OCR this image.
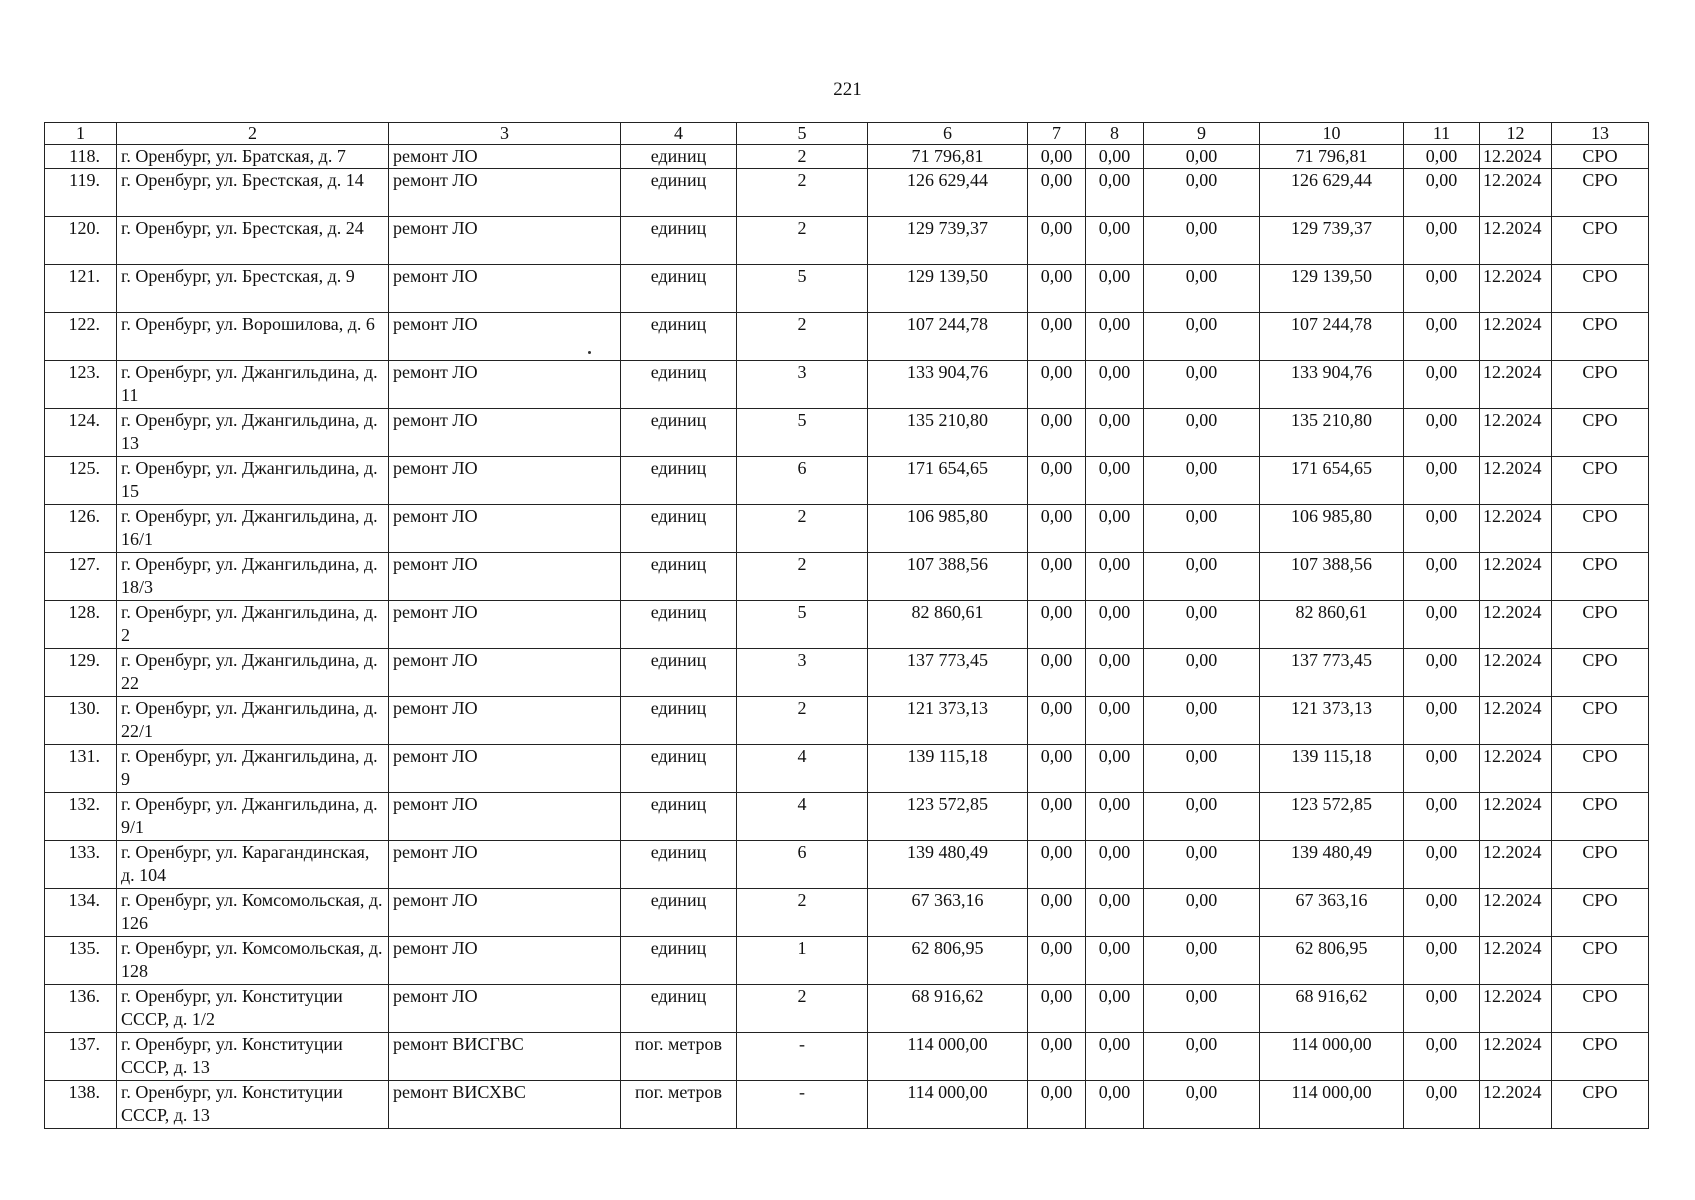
221
1	2	3	4	5	6	7	8	9	10	11	12	13
118.	г. Оренбург, ул. Братская, д. 7	ремонт ЛО	единиц	2	71 796,81	0,00	0,00	0,00	71 796,81	0,00	12.2024	СРО
119.	г. Оренбург, ул. Брестская, д. 14	ремонт ЛО	единиц	2	126 629,44	0,00	0,00	0,00	126 629,44	0,00	12.2024	СРО
120.	г. Оренбург, ул. Брестская, д. 24	ремонт ЛО	единиц	2	129 739,37	0,00	0,00	0,00	129 739,37	0,00	12.2024	СРО
121.	г. Оренбург, ул. Брестская, д. 9	ремонт ЛО	единиц	5	129 139,50	0,00	0,00	0,00	129 139,50	0,00	12.2024	СРО
122.	г. Оренбург, ул. Ворошилова, д. 6	ремонт ЛО	единиц	2	107 244,78	0,00	0,00	0,00	107 244,78	0,00	12.2024	СРО
123.	г. Оренбург, ул. Джангильдина, д. 11	ремонт ЛО	единиц	3	133 904,76	0,00	0,00	0,00	133 904,76	0,00	12.2024	СРО
124.	г. Оренбург, ул. Джангильдина, д. 13	ремонт ЛО	единиц	5	135 210,80	0,00	0,00	0,00	135 210,80	0,00	12.2024	СРО
125.	г. Оренбург, ул. Джангильдина, д. 15	ремонт ЛО	единиц	6	171 654,65	0,00	0,00	0,00	171 654,65	0,00	12.2024	СРО
126.	г. Оренбург, ул. Джангильдина, д. 16/1	ремонт ЛО	единиц	2	106 985,80	0,00	0,00	0,00	106 985,80	0,00	12.2024	СРО
127.	г. Оренбург, ул. Джангильдина, д. 18/3	ремонт ЛО	единиц	2	107 388,56	0,00	0,00	0,00	107 388,56	0,00	12.2024	СРО
128.	г. Оренбург, ул. Джангильдина, д. 2	ремонт ЛО	единиц	5	82 860,61	0,00	0,00	0,00	82 860,61	0,00	12.2024	СРО
129.	г. Оренбург, ул. Джангильдина, д. 22	ремонт ЛО	единиц	3	137 773,45	0,00	0,00	0,00	137 773,45	0,00	12.2024	СРО
130.	г. Оренбург, ул. Джангильдина, д. 22/1	ремонт ЛО	единиц	2	121 373,13	0,00	0,00	0,00	121 373,13	0,00	12.2024	СРО
131.	г. Оренбург, ул. Джангильдина, д. 9	ремонт ЛО	единиц	4	139 115,18	0,00	0,00	0,00	139 115,18	0,00	12.2024	СРО
132.	г. Оренбург, ул. Джангильдина, д. 9/1	ремонт ЛО	единиц	4	123 572,85	0,00	0,00	0,00	123 572,85	0,00	12.2024	СРО
133.	г. Оренбург, ул. Карагандинская, д. 104	ремонт ЛО	единиц	6	139 480,49	0,00	0,00	0,00	139 480,49	0,00	12.2024	СРО
134.	г. Оренбург, ул. Комсомольская, д. 126	ремонт ЛО	единиц	2	67 363,16	0,00	0,00	0,00	67 363,16	0,00	12.2024	СРО
135.	г. Оренбург, ул. Комсомольская, д. 128	ремонт ЛО	единиц	1	62 806,95	0,00	0,00	0,00	62 806,95	0,00	12.2024	СРО
136.	г. Оренбург, ул. Конституции СССР, д. 1/2	ремонт ЛО	единиц	2	68 916,62	0,00	0,00	0,00	68 916,62	0,00	12.2024	СРО
137.	г. Оренбург, ул. Конституции СССР, д. 13	ремонт ВИСГВС	пог. метров	-	114 000,00	0,00	0,00	0,00	114 000,00	0,00	12.2024	СРО
138.	г. Оренбург, ул. Конституции СССР, д. 13	ремонт ВИСХВС	пог. метров	-	114 000,00	0,00	0,00	0,00	114 000,00	0,00	12.2024	СРО
